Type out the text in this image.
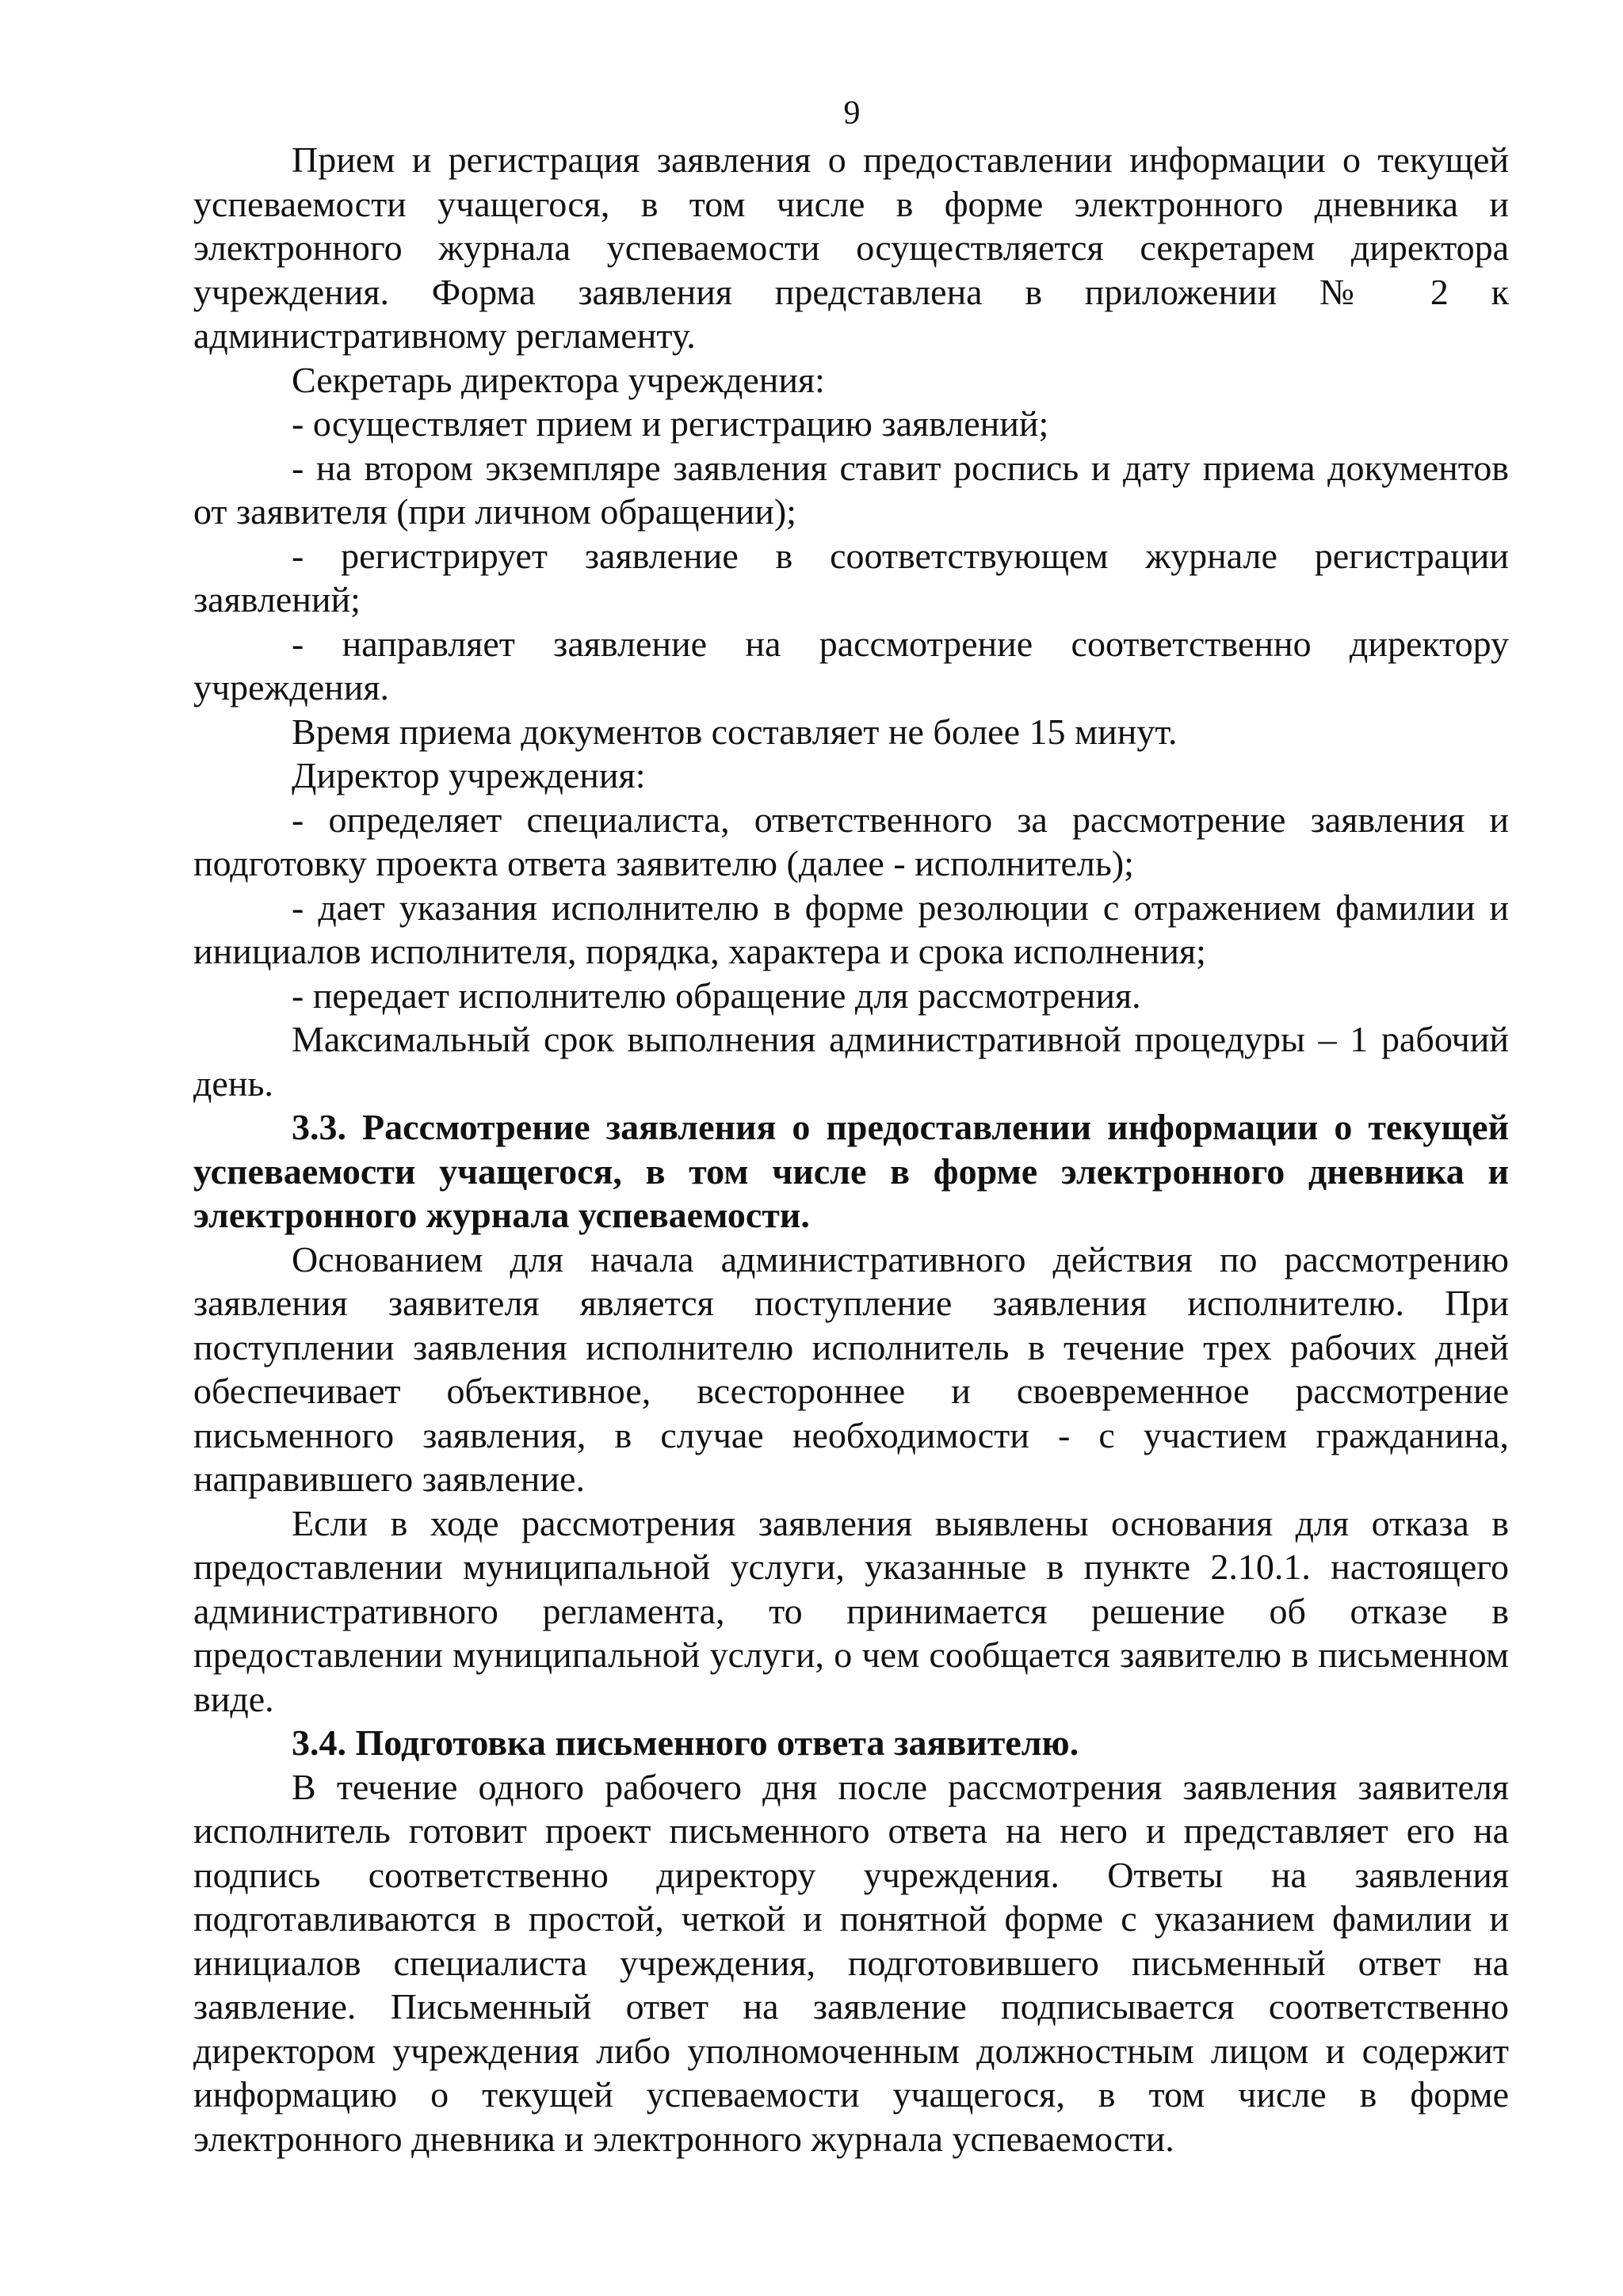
9

Прием и регистрация заявления о предоставлении информации о текущей успеваемости учащегося, в том числе в форме электронного дневника и электронного журнала успеваемости осуществляется секретарем директора учреждения. Форма заявления представлена в приложении № 2 к административному регламенту.

Секретарь директора учреждения:

- осуществляет прием и регистрацию заявлений;

- на втором экземпляре заявления ставит роспись и дату приема документов от заявителя (при личном обращении);

- регистрирует заявление в соответствующем журнале регистрации заявлений;

- направляет заявление на рассмотрение соответственно директору учреждения.

Время приема документов составляет не более 15 минут.

Директор учреждения:

- определяет специалиста, ответственного за рассмотрение заявления и подготовку проекта ответа заявителю (далее - исполнитель);

- дает указания исполнителю в форме резолюции с отражением фамилии и инициалов исполнителя, порядка, характера и срока исполнения;

- передает исполнителю обращение для рассмотрения.

Максимальный срок выполнения административной процедуры – 1 рабочий день.

3.3. Рассмотрение заявления о предоставлении информации о текущей успеваемости учащегося, в том числе в форме электронного дневника и электронного журнала успеваемости.

Основанием для начала административного действия по рассмотрению заявления заявителя является поступление заявления исполнителю. При поступлении заявления исполнителю исполнитель в течение трех рабочих дней обеспечивает объективное, всестороннее и своевременное рассмотрение письменного заявления, в случае необходимости - с участием гражданина, направившего заявление.

Если в ходе рассмотрения заявления выявлены основания для отказа в предоставлении муниципальной услуги, указанные в пункте 2.10.1. настоящего административного регламента, то принимается решение об отказе в предоставлении муниципальной услуги, о чем сообщается заявителю в письменном виде.

3.4. Подготовка письменного ответа заявителю.

В течение одного рабочего дня после рассмотрения заявления заявителя исполнитель готовит проект письменного ответа на него и представляет его на подпись соответственно директору учреждения. Ответы на заявления подготавливаются в простой, четкой и понятной форме с указанием фамилии и инициалов специалиста учреждения, подготовившего письменный ответ на заявление. Письменный ответ на заявление подписывается соответственно директором учреждения либо уполномоченным должностным лицом и содержит информацию о текущей успеваемости учащегося, в том числе в форме электронного дневника и электронного журнала успеваемости.
